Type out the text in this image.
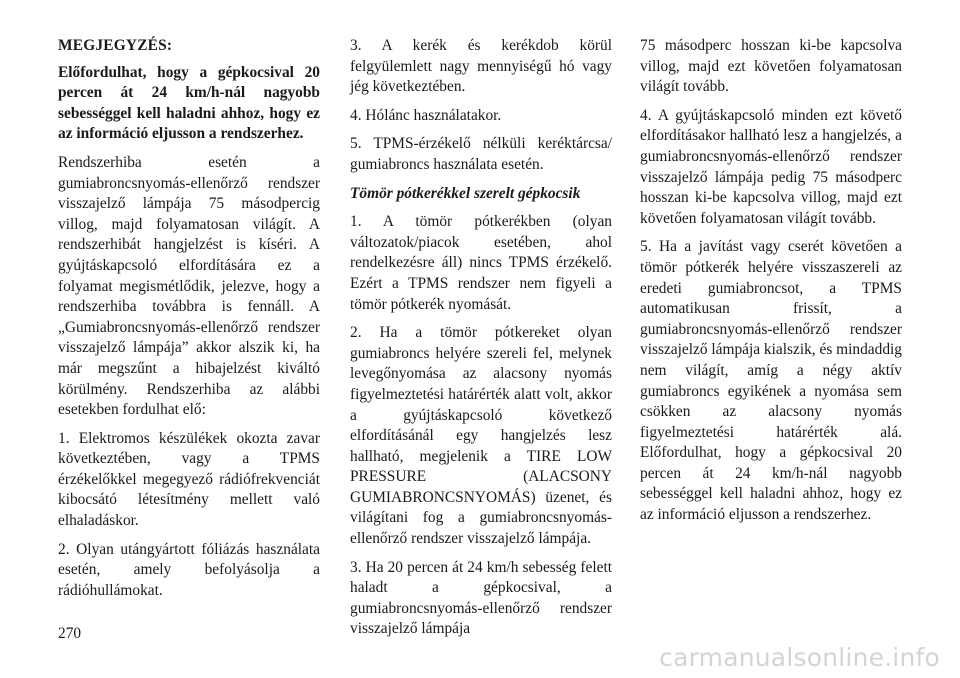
MEGJEGYZÉS:

Előfordulhat, hogy a gépkocsival 20 percen át 24 km/h-nál nagyobb sebességgel kell haladni ahhoz, hogy ez az információ eljusson a rendszerhez.

Rendszerhiba esetén a gumiabroncsnyomás-ellenőrző rendszer visszajelző lámpája 75 másodpercig villog, majd folyamatosan világít. A rendszerhibát hangjelzést is kíséri. A gyújtáskapcsoló elfordítására ez a folyamat megismétlődik, jelezve, hogy a rendszerhiba továbbra is fennáll. A „Gumiabroncsnyomás-ellenőrző rendszer visszajelző lámpája” akkor alszik ki, ha már megszűnt a hibajelzést kiváltó körülmény. Rendszerhiba az alábbi esetekben fordulhat elő:

1. Elektromos készülékek okozta zavar következtében, vagy a TPMS érzékelőkkel megegyező rádiófrekvenciát kibocsátó létesítmény mellett való elhaladáskor.

2. Olyan utángyártott fóliázás használata esetén, amely befolyásolja a rádióhullámokat.

3. A kerék és kerékdob körül felgyülemlett nagy mennyiségű hó vagy jég következtében.

4. Hólánc használatakor.

5. TPMS-érzékelő nélküli keréktárcsa/ gumiabroncs használata esetén.

Tömör pótkerékkel szerelt gépkocsik

1. A tömör pótkerékben (olyan változatok/piacok esetében, ahol rendelkezésre áll) nincs TPMS érzékelő. Ezért a TPMS rendszer nem figyeli a tömör pótkerék nyomását.

2. Ha a tömör pótkereket olyan gumiabroncs helyére szereli fel, melynek levegőnyomása az alacsony nyomás figyelmeztetési határérték alatt volt, akkor a gyújtáskapcsoló következő elfordításánál egy hangjelzés lesz hallható, megjelenik a TIRE LOW PRESSURE (ALACSONY GUMIABRONCSNYOMÁS) üzenet, és világítani fog a gumiabroncsnyomás-ellenőrző rendszer visszajelző lámpája.

3. Ha 20 percen át 24 km/h sebesség felett haladt a gépkocsival, a gumiabroncsnyomás-ellenőrző rendszer visszajelző lámpája

75 másodperc hosszan ki-be kapcsolva villog, majd ezt követően folyamatosan világít tovább.

4. A gyújtáskapcsoló minden ezt követő elfordításakor hallható lesz a hangjelzés, a gumiabroncsnyomás-ellenőrző rendszer visszajelző lámpája pedig 75 másodperc hosszan ki-be kapcsolva villog, majd ezt követően folyamatosan világít tovább.

5. Ha a javítást vagy cserét követően a tömör pótkerék helyére visszaszereli az eredeti gumiabroncsot, a TPMS automatikusan frissít, a gumiabroncsnyomás-ellenőrző rendszer visszajelző lámpája kialszik, és mindaddig nem világít, amíg a négy aktív gumiabroncs egyikének a nyomása sem csökken az alacsony nyomás figyelmeztetési határérték alá. Előfordulhat, hogy a gépkocsival 20 percen át 24 km/h-nál nagyobb sebességgel kell haladni ahhoz, hogy ez az információ eljusson a rendszerhez.

270
carmanualsonline.info
